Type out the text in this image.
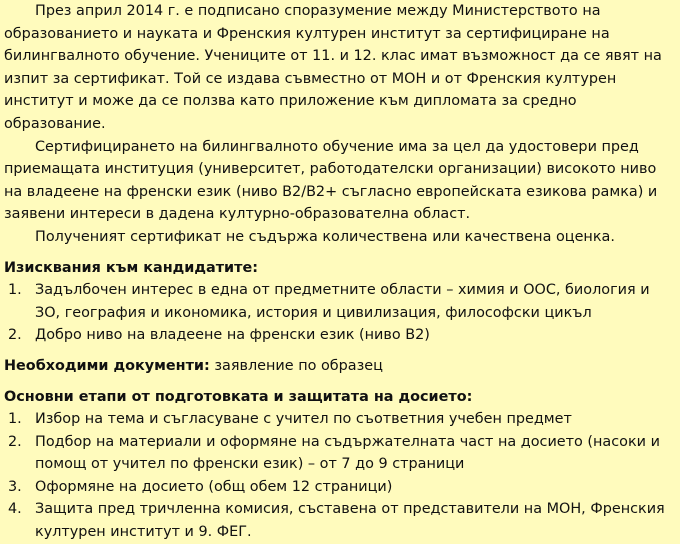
През април 2014 г. е подписано споразумение между Министерството на образованието и науката и Френския културен институт за сертифициране на билингвалното обучение. Учениците от 11. и 12. клас имат възможност да се явят на изпит за сертификат. Той се издава съвместно от МОН и от Френския културен институт и може да се ползва като приложение към дипломата за средно образование.

Сертифицирането на билингвалното обучение има за цел да удостовери пред приемащата институция (университет, работодателски организации) високото ниво на владеене на френски език (ниво B2/B2+ съгласно европейската езикова рамка) и заявени интереси в дадена културно-образователна област.

Полученият сертификат не съдържа количествена или качествена оценка.

Изисквания към кандидатите:
1. Задълбочен интерес в една от предметните области – химия и ООС, биология и ЗО, география и икономика, история и цивилизация, философски цикъл
2. Добро ниво на владеене на френски език (ниво B2)
Необходими документи: заявление по образец
Основни етапи от подготовката и защитата на досието:
1. Избор на тема и съгласуване с учител по съответния учебен предмет
2. Подбор на материали и оформяне на съдържателната част на досието (насоки и помощ от учител по френски език) – от 7 до 9 страници
3. Оформяне на досието (общ обем 12 страници)
4. Защита пред тричленна комисия, съставена от представители на МОН, Френския културен институт и 9. ФЕГ.
